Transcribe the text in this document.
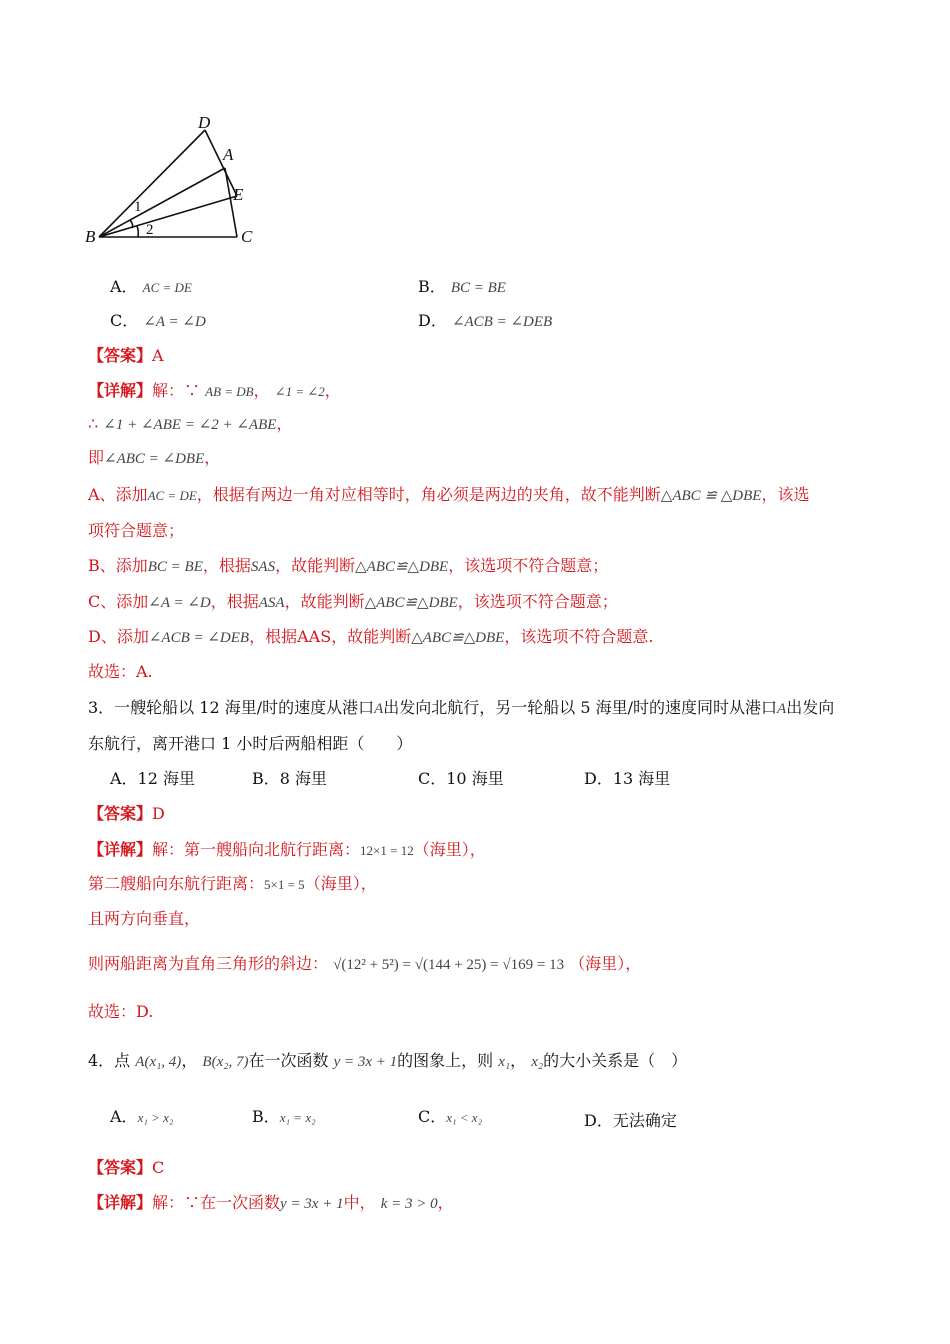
D
A
E
B	C
1
2
A． AC = DE	B． BC = BE
C． ∠A = ∠D	D． ∠ACB = ∠DEB
【答案】A
【详解】解：∵ AB = DB， ∠1 = ∠2，
∴ ∠1 + ∠ABE = ∠2 + ∠ABE，
即∠ABC = ∠DBE，
A、添加AC = DE，根据有两边一角对应相等时，角必须是两边的夹角，故不能判断△ABC ≌ △DBE，该选
项符合题意；
B、添加BC = BE，根据SAS，故能判断△ABC≌△DBE，该选项不符合题意；
C、添加∠A = ∠D，根据ASA，故能判断△ABC≌△DBE，该选项不符合题意；
D、添加∠ACB = ∠DEB，根据AAS，故能判断△ABC≌△DBE，该选项不符合题意.
故选：A.
3．一艘轮船以 12 海里/时的速度从港口A出发向北航行，另一轮船以 5 海里/时的速度同时从港口A出发向
东航行，离开港口 1 小时后两船相距（　　）
A．12 海里	B．8 海里	C．10 海里	D．13 海里
【答案】D
【详解】解：第一艘船向北航行距离：12×1 = 12（海里），
第二艘船向东航行距离：5×1 = 5（海里），
且两方向垂直，
则两船距离为直角三角形的斜边： √(12² + 5²) = √(144 + 25) = √169 = 13 （海里），
故选：D.
4．点 A(x₁, 4)， B(x₂, 7)在一次函数 y = 3x + 1的图象上，则 x₁， x₂的大小关系是（　）
A．x₁ > x₂	B．x₁ = x₂	C．x₁ < x₂	D．无法确定
【答案】C
【详解】解：∵在一次函数y = 3x + 1中， k = 3 > 0，
